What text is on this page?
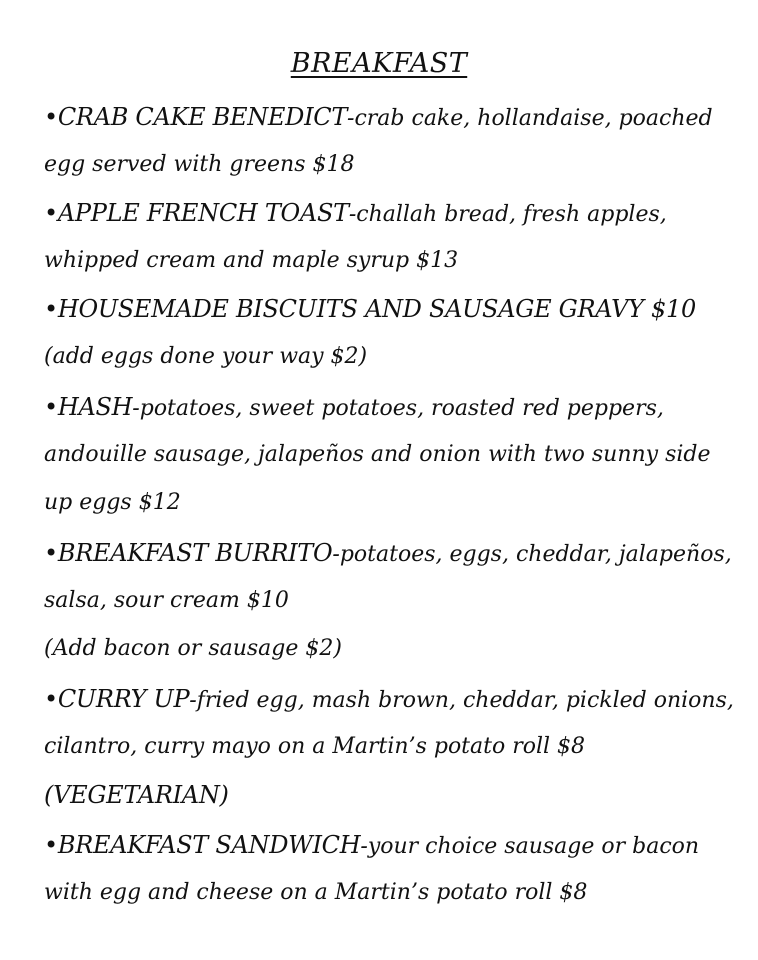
BREAKFAST
•CRAB CAKE BENEDICT-crab cake, hollandaise, poached
egg served with greens $18
•APPLE FRENCH TOAST-challah bread, fresh apples,
whipped cream and maple syrup $13
•HOUSEMADE BISCUITS AND SAUSAGE GRAVY $10
(add eggs done your way $2)
•HASH-potatoes, sweet potatoes, roasted red peppers,
andouille sausage, jalapeños and onion with two sunny side
up eggs $12
•BREAKFAST BURRITO-potatoes, eggs, cheddar, jalapeños,
salsa, sour cream $10
(Add bacon or sausage $2)
•CURRY UP-fried egg, mash brown, cheddar, pickled onions,
cilantro, curry mayo on a Martin’s potato roll $8
(VEGETARIAN)
•BREAKFAST SANDWICH-your choice sausage or bacon
with egg and cheese on a Martin’s potato roll $8
